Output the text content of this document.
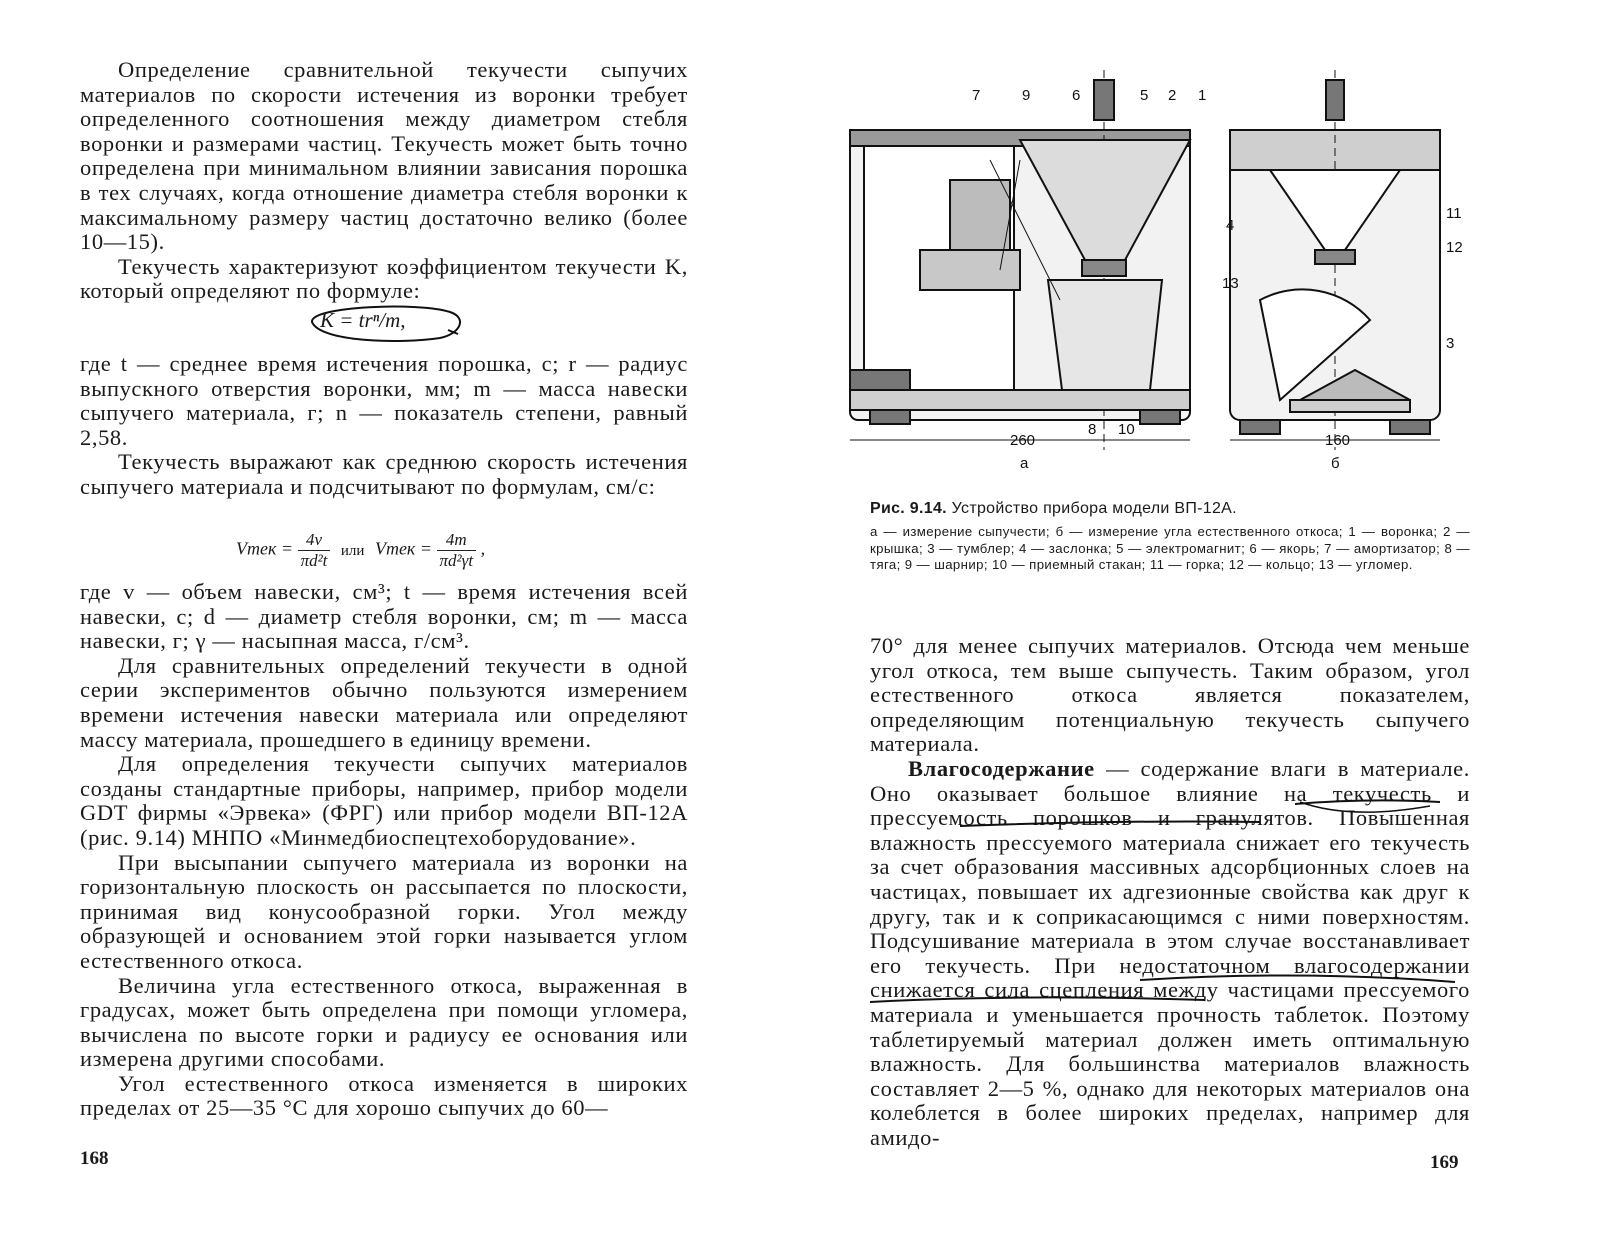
Определение сравнительной текучести сыпучих материалов по скорости истечения из воронки требует определенного соотношения между диаметром стебля воронки и размерами частиц. Текучесть может быть точно определена при минимальном влиянии зависания порошка в тех случаях, когда отношение диаметра стебля воронки к максимальному размеру частиц достаточно велико (более 10—15).

Текучесть характеризуют коэффициентом текучести K, который определяют по формуле:

K = trⁿ/m,

где t — среднее время истечения порошка, с; r — радиус выпускного отверстия воронки, мм; m — масса навески сыпучего материала, г; n — показатель степени, равный 2,58.

Текучесть выражают как среднюю скорость истечения сыпучего материала и подсчитывают по формулам, см/с:

Vтек = $\frac{4v}{\text{πd²t}}$ или Vтек = $\frac{4m}{\text{πd²γt}}$ ,

где v — объем навески, см³; t — время истечения всей навески, с; d — диаметр стебля воронки, см; m — масса навески, г; γ — насыпная масса, г/см³.

Для сравнительных определений текучести в одной серии экспериментов обычно пользуются измерением времени истечения навески материала или определяют массу материала, прошедшего в единицу времени.

Для определения текучести сыпучих материалов созданы стандартные приборы, например, прибор модели GDT фирмы «Эрвека» (ФРГ) или прибор модели ВП-12А (рис. 9.14) МНПО «Минмедбиоспецтехоборудование».

При высыпании сыпучего материала из воронки на горизонтальную плоскость он рассыпается по плоскости, принимая вид конусообразной горки. Угол между образующей и основанием этой горки называется углом естественного откоса.

Величина угла естественного откоса, выраженная в градусах, может быть определена при помощи угломера, вычислена по высоте горки и радиусу ее основания или измерена другими способами.

Угол естественного откоса изменяется в широких пределах от 25—35 °С для хорошо сыпучих до 60—

168
7	9	6	5 2 1
8 10
260
а
4
11
12
13
3
160
б
Рис. 9.14. Устройство прибора модели ВП-12А.
а — измерение сыпучести; б — измерение угла естественного откоса; 1 — воронка; 2 — крышка; 3 — тумблер; 4 — заслонка; 5 — электромагнит; 6 — якорь; 7 — амортизатор; 8 — тяга; 9 — шарнир; 10 — приемный стакан; 11 — горка; 12 — кольцо; 13 — угломер.

70° для менее сыпучих материалов. Отсюда чем меньше угол откоса, тем выше сыпучесть. Таким образом, угол естественного откоса является показателем, определяющим потенциальную текучесть сыпучего материала.

Влагосодержание — содержание влаги в материале. Оно оказывает большое влияние на текучесть и прессуемость порошков и гранулятов. Повышенная влажность прессуемого материала снижает его текучесть за счет образования массивных адсорбционных слоев на частицах, повышает их адгезионные свойства как друг к другу, так и к соприкасающимся с ними поверхностям. Подсушивание материала в этом случае восстанавливает его текучесть. При недостаточном влагосодержании снижается сила сцепления между частицами прессуемого материала и уменьшается прочность таблеток. Поэтому таблетируемый материал должен иметь оптимальную влажность. Для большинства материалов влажность составляет 2—5 %, однако для некоторых материалов она колеблется в более широких пределах, например для амидо-

169
